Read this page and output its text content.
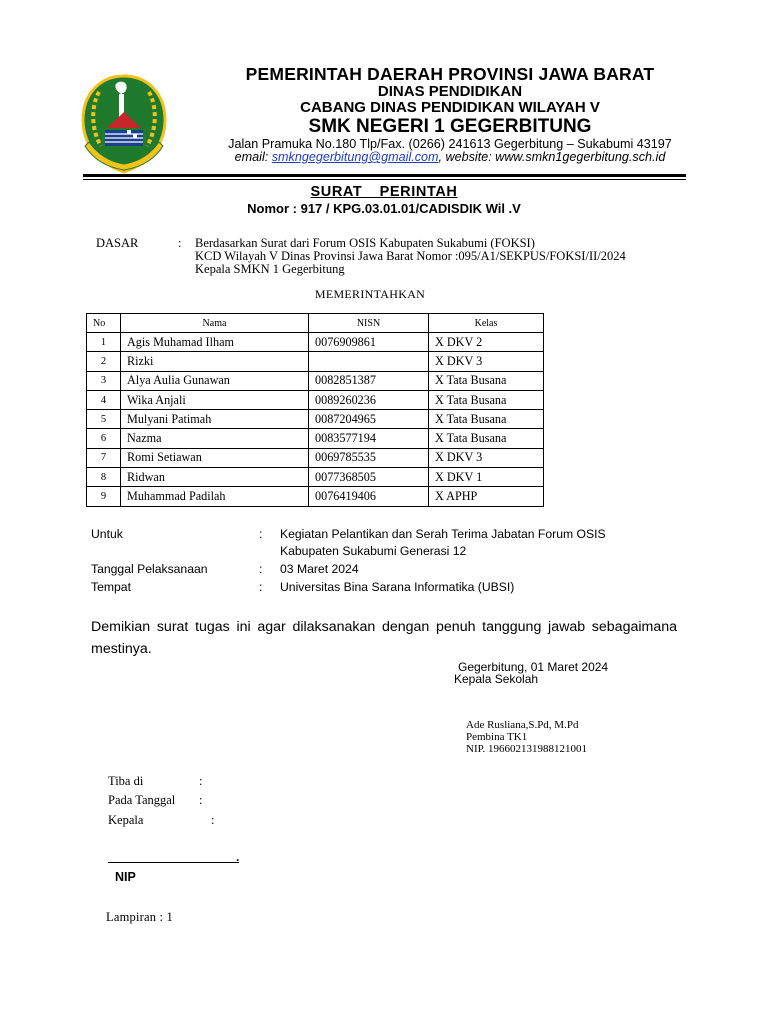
PEMERINTAH DAERAH PROVINSI JAWA BARAT
DINAS PENDIDIKAN
CABANG DINAS PENDIDIKAN WILAYAH V
SMK NEGERI 1 GEGERBITUNG
Jalan Pramuka No.180 Tlp/Fax. (0266) 241613 Gegerbitung – Sukabumi 43197
email: smkngegerbitung@gmail.com, website: www.smkn1gegerbitung.sch.id
SURAT  PERINTAH
Nomor : 917 / KPG.03.01.01/CADISDIK Wil .V
DASAR	: Berdasarkan Surat dari Forum OSIS Kabupaten Sukabumi (FOKSI)
KCD Wilayah V Dinas Provinsi Jawa Barat Nomor :095/A1/SEKPUS/FOKSI/II/2024
Kepala SMKN 1 Gegerbitung
MEMERINTAHKAN
No	Nama	NISN	Kelas
1	Agis Muhamad Ilham	0076909861	X DKV 2
2	Rizki		X DKV 3
3	Alya Aulia Gunawan	0082851387	X Tata Busana
4	Wika Anjali	0089260236	X Tata Busana
5	Mulyani Patimah	0087204965	X Tata Busana
6	Nazma	0083577194	X Tata Busana
7	Romi Setiawan	0069785535	X DKV 3
8	Ridwan	0077368505	X DKV 1
9	Muhammad Padilah	0076419406	X APHP
Untuk	: Kegiatan Pelantikan dan Serah Terima Jabatan Forum OSIS
Kabupaten Sukabumi Generasi 12
Tanggal Pelaksanaan	: 03 Maret 2024
Tempat	: Universitas Bina Sarana Informatika (UBSI)
Demikian surat tugas ini agar dilaksanakan dengan penuh tanggung jawab sebagaimana mestinya.
Gegerbitung, 01 Maret 2024
Kepala Sekolah
Ade Rusliana,S.Pd, M.Pd
Pembina TK1
NIP. 196602131988121001
Tiba di	:
Pada Tanggal :
Kepala	:
.
NIP
Lampiran : 1
